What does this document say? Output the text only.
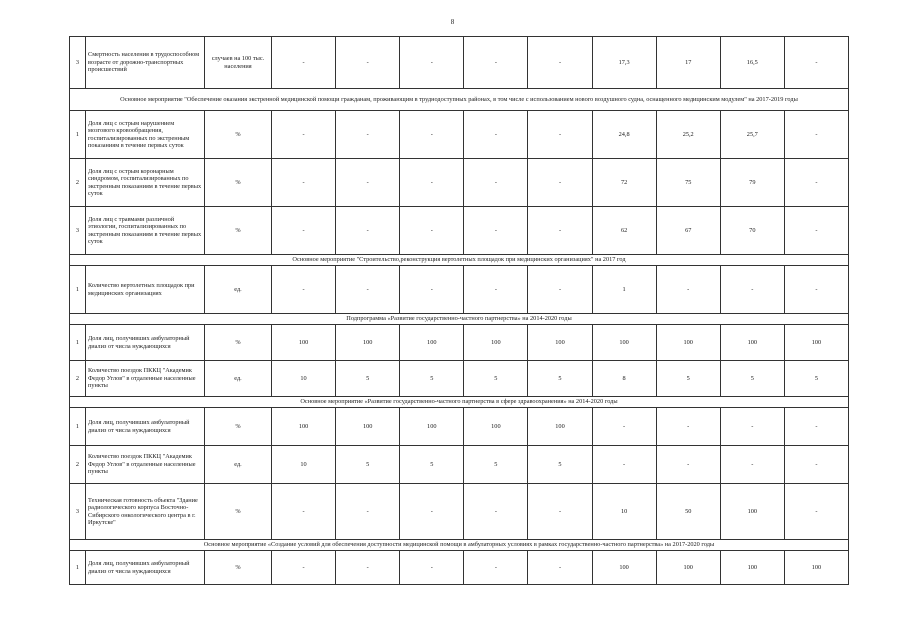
8
3	Смертность населения в трудоспособном возрасте от дорожно-транспортных происшествий	случаев на 100 тыс. населения	-	-	-	-	-	17,3	17	16,5	-
Основное мероприятие "Обеспечение оказания экстренной медицинской помощи гражданам, проживающим в труднодоступных районах, в том числе с использованием нового воздушного судна, оснащенного медицинским модулем" на 2017-2019 годы											
1	Доля лиц с острым нарушением мозгового кровообращения, госпитализированных по экстренным показаниям в течение первых суток	%	-	-	-	-	-	24,8	25,2	25,7	-
2	Доля лиц с острым коронарным синдромом, госпитализированных по экстренным показаниям в течение первых суток	%	-	-	-	-	-	72	75	79	-
3	Доля лиц с травмами различной этиологии, госпитализированных по экстренным показаниям в течение первых суток	%	-	-	-	-	-	62	67	70	-
Основное мероприятие "Строительство,реконструкция вертолетных площадок при медицинских организациях" на 2017 год											
1	Количество вертолетных площадок при медицинских организациях	ед.	-	-	-	-	-	1	-	-	-
Подпрограмма «Развитие государственно-частного партнерства» на 2014-2020 годы											
1	Доля лиц, получивших амбулаторный диализ от числа нуждающихся	%	100	100	100	100	100	100	100	100	100
2	Количество поездок ПККЦ "Академик Федор Углов" в отдаленные населенные пункты	ед.	10	5	5	5	5	8	5	5	5
Основное мероприятие «Развитие государственно-частного партнерства в сфере здравоохранения» на 2014-2020 годы											
1	Доля лиц, получивших амбулаторный диализ от числа нуждающихся	%	100	100	100	100	100	-	-	-	-
2	Количество поездок ПККЦ "Академик Федор Углов" в отдаленные населенные пункты	ед.	10	5	5	5	5	-	-	-	-
3	Техническая готовность объекта "Здание радиологического корпуса Восточно-Сибирского онкологического центра в г. Иркутске"	%	-	-	-	-	-	10	50	100	-
Основное мероприятие «Создание условий для обеспечения доступности медицинской помощи в амбулаторных условиях в рамках государственно-частного партнерства» на 2017-2020 годы											
1	Доля лиц, получивших амбулаторный диализ от числа нуждающихся	%	-	-	-	-	-	100	100	100	100
